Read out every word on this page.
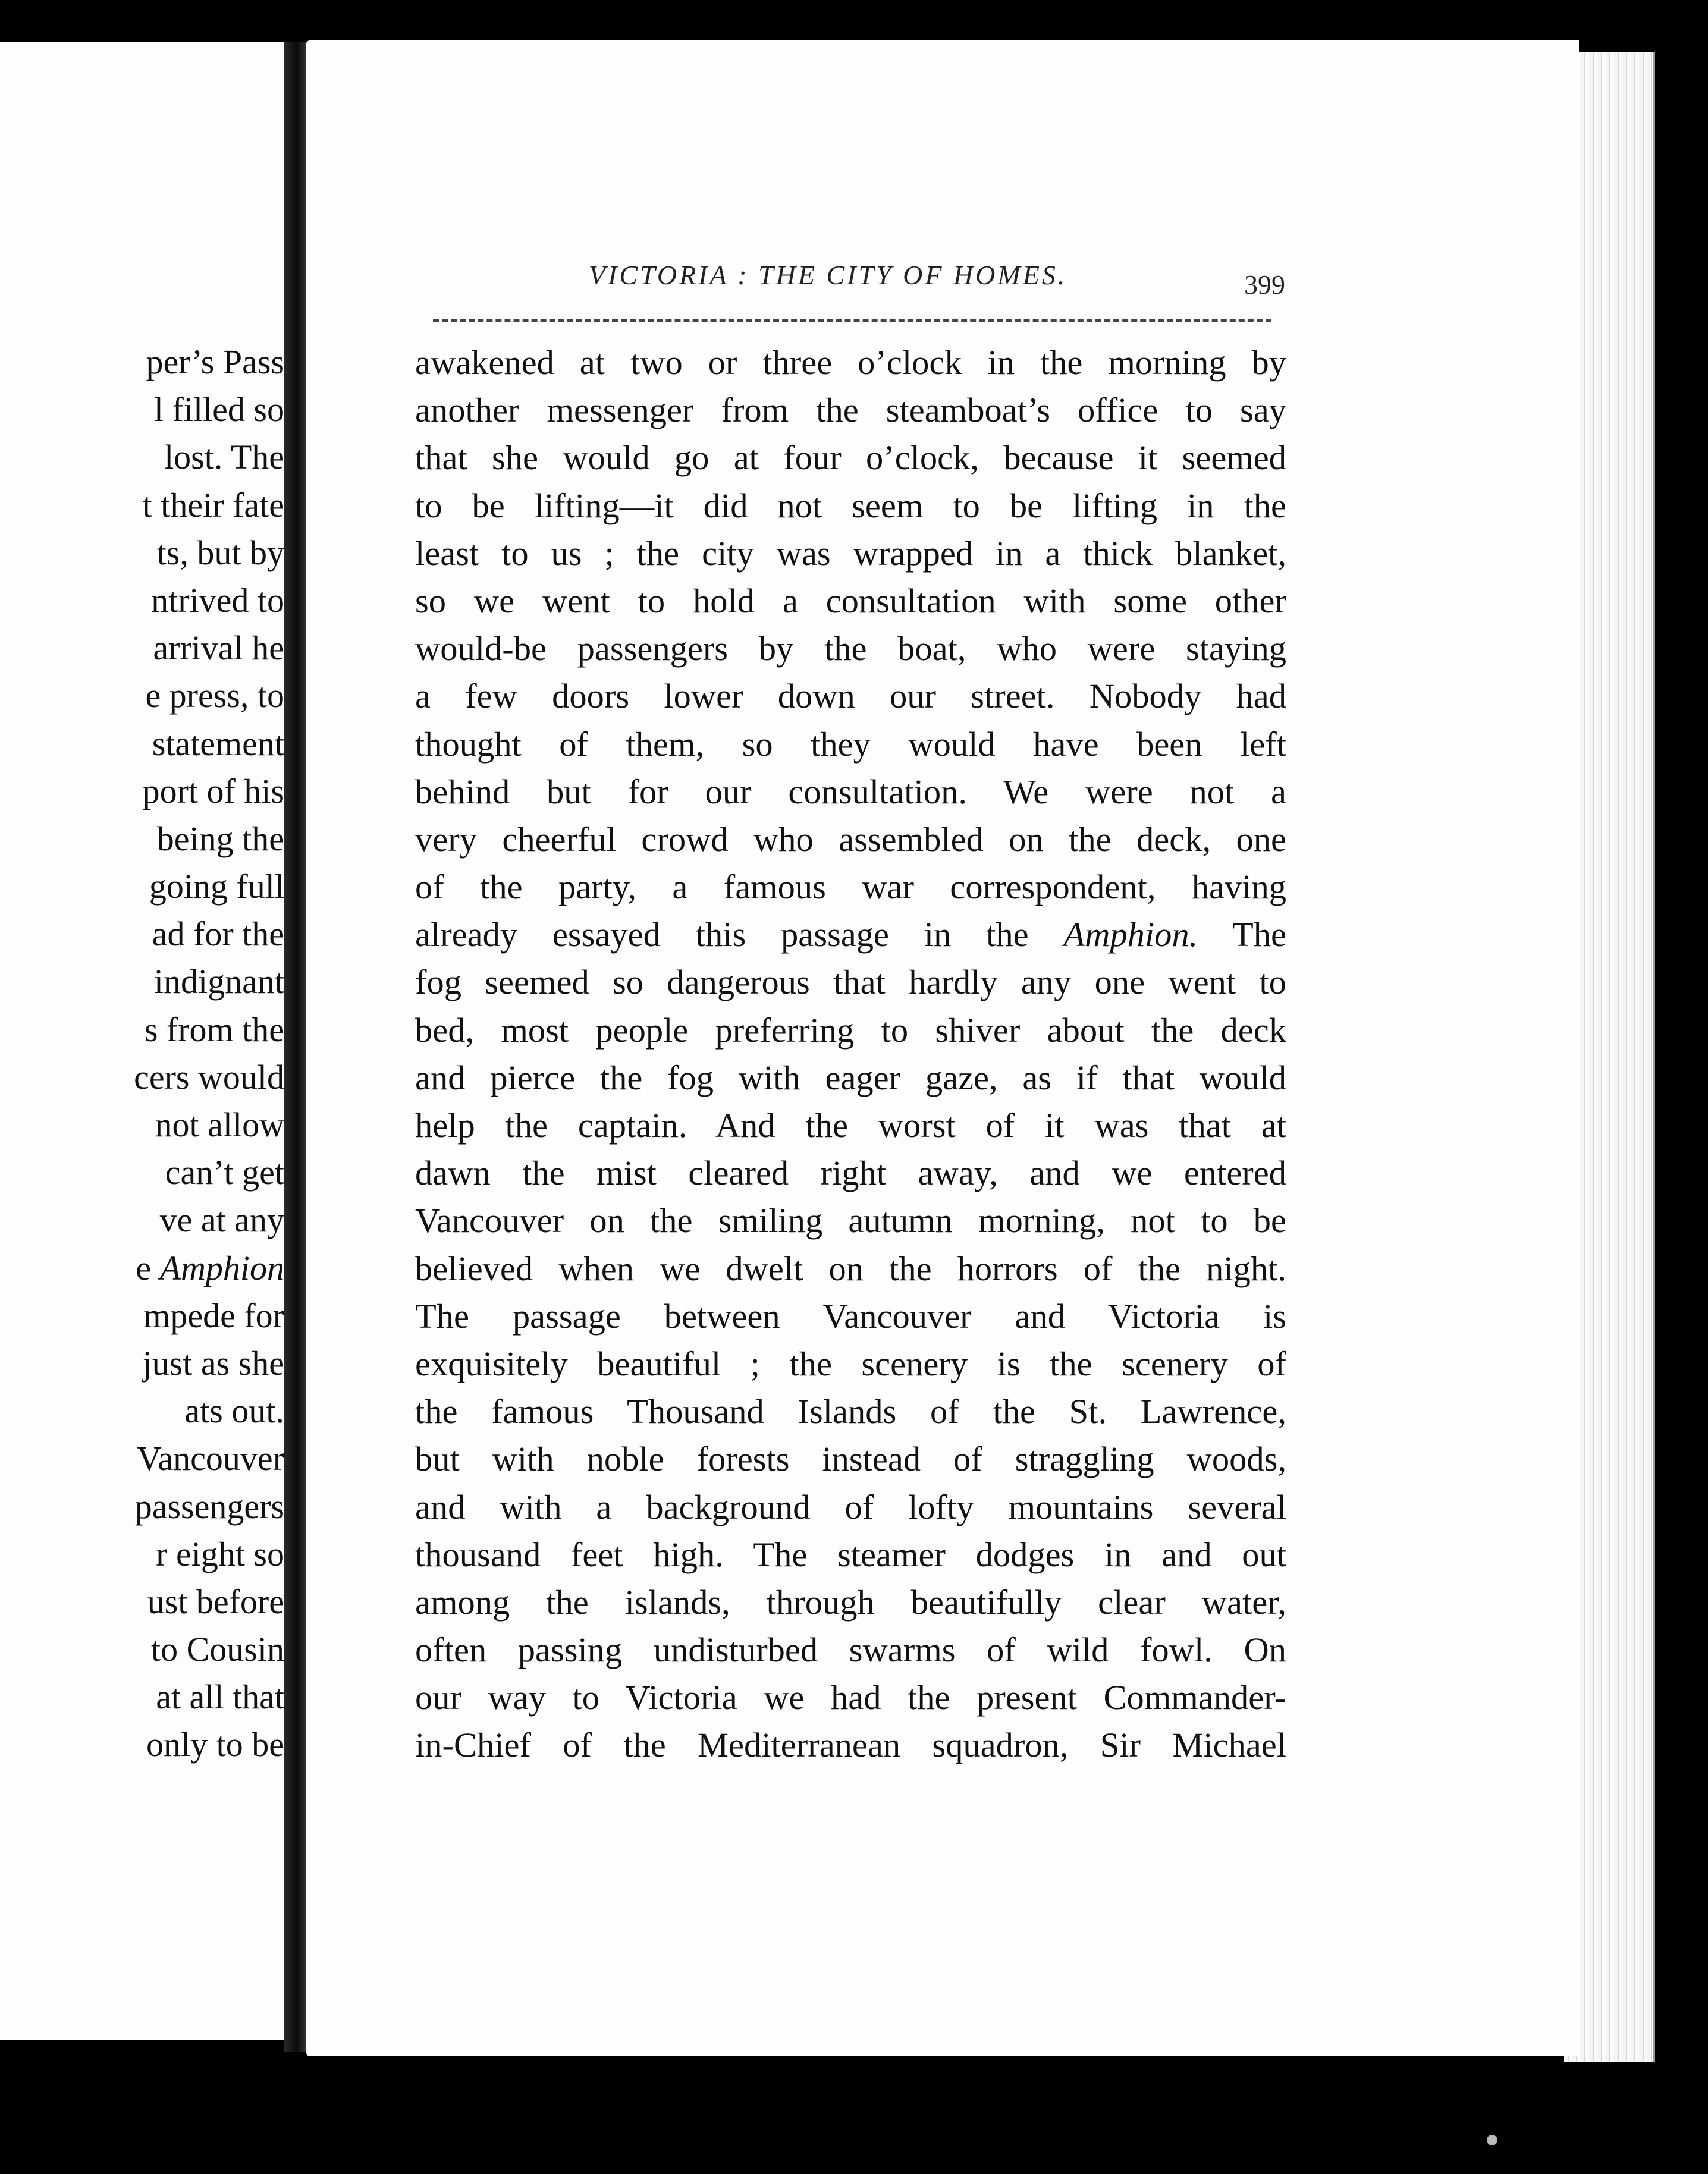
per’s Pass
l filled so
lost. The
t their fate
ts, but by
ntrived to
arrival he
e press, to
statement
port of his
being the
going full
ad for the
indignant
s from the
cers would
not allow
can’t get
ve at any
e Amphion
mpede for
just as she
ats out.
Vancouver
passengers
r eight so
ust before
to Cousin
at all that
only to be
VICTORIA : THE CITY OF HOMES.	399
awakened at two or three o’clock in the morning by
another messenger from the steamboat’s office to say
that she would go at four o’clock, because it seemed
to be lifting—it did not seem to be lifting in the
least to us ; the city was wrapped in a thick blanket,
so we went to hold a consultation with some other
would-be passengers by the boat, who were staying
a few doors lower down our street. Nobody had
thought of them, so they would have been left
behind but for our consultation. We were not a
very cheerful crowd who assembled on the deck, one
of the party, a famous war correspondent, having
already essayed this passage in the Amphion. The
fog seemed so dangerous that hardly any one went to
bed, most people preferring to shiver about the deck
and pierce the fog with eager gaze, as if that would
help the captain. And the worst of it was that at
dawn the mist cleared right away, and we entered
Vancouver on the smiling autumn morning, not to be
believed when we dwelt on the horrors of the night.
The passage between Vancouver and Victoria is
exquisitely beautiful ; the scenery is the scenery of
the famous Thousand Islands of the St. Lawrence,
but with noble forests instead of straggling woods,
and with a background of lofty mountains several
thousand feet high. The steamer dodges in and out
among the islands, through beautifully clear water,
often passing undisturbed swarms of wild fowl. On
our way to Victoria we had the present Commander-
in-Chief of the Mediterranean squadron, Sir Michael
